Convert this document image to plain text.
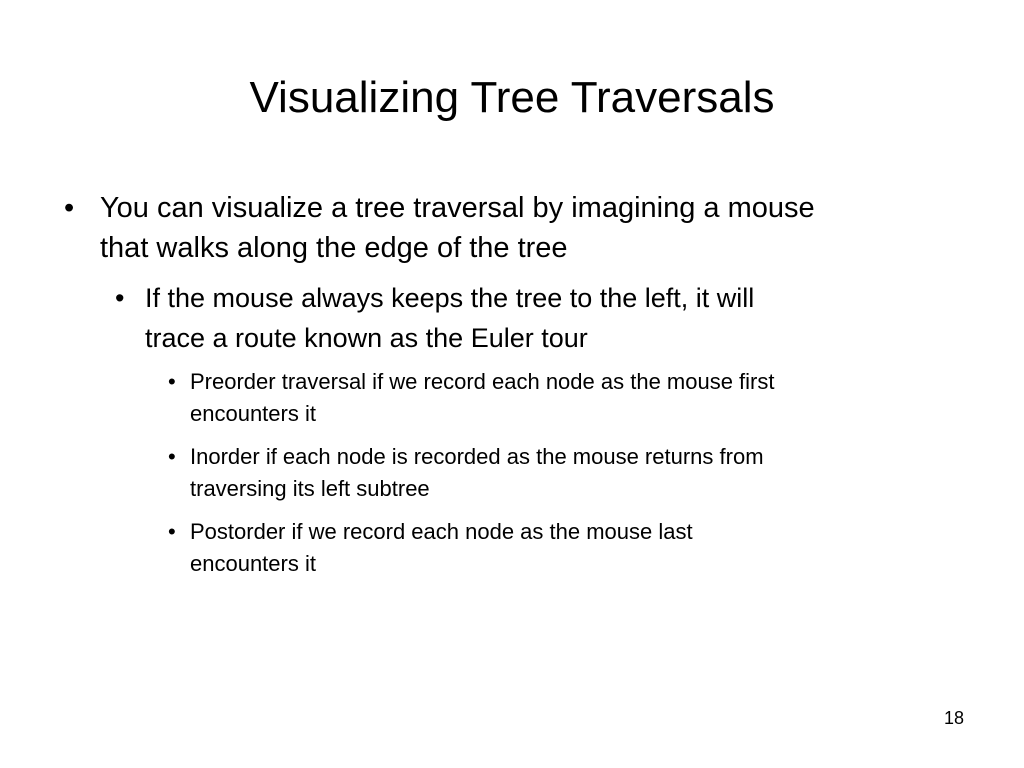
Visualizing Tree Traversals
• You can visualize a tree traversal by imagining a mouse
that walks along the edge of the tree
• If the mouse always keeps the tree to the left, it will
trace a route known as the Euler tour
• Preorder traversal if we record each node as the mouse first
encounters it
• Inorder if each node is recorded as the mouse returns from
traversing its left subtree
• Postorder if we record each node as the mouse last
encounters it
18
